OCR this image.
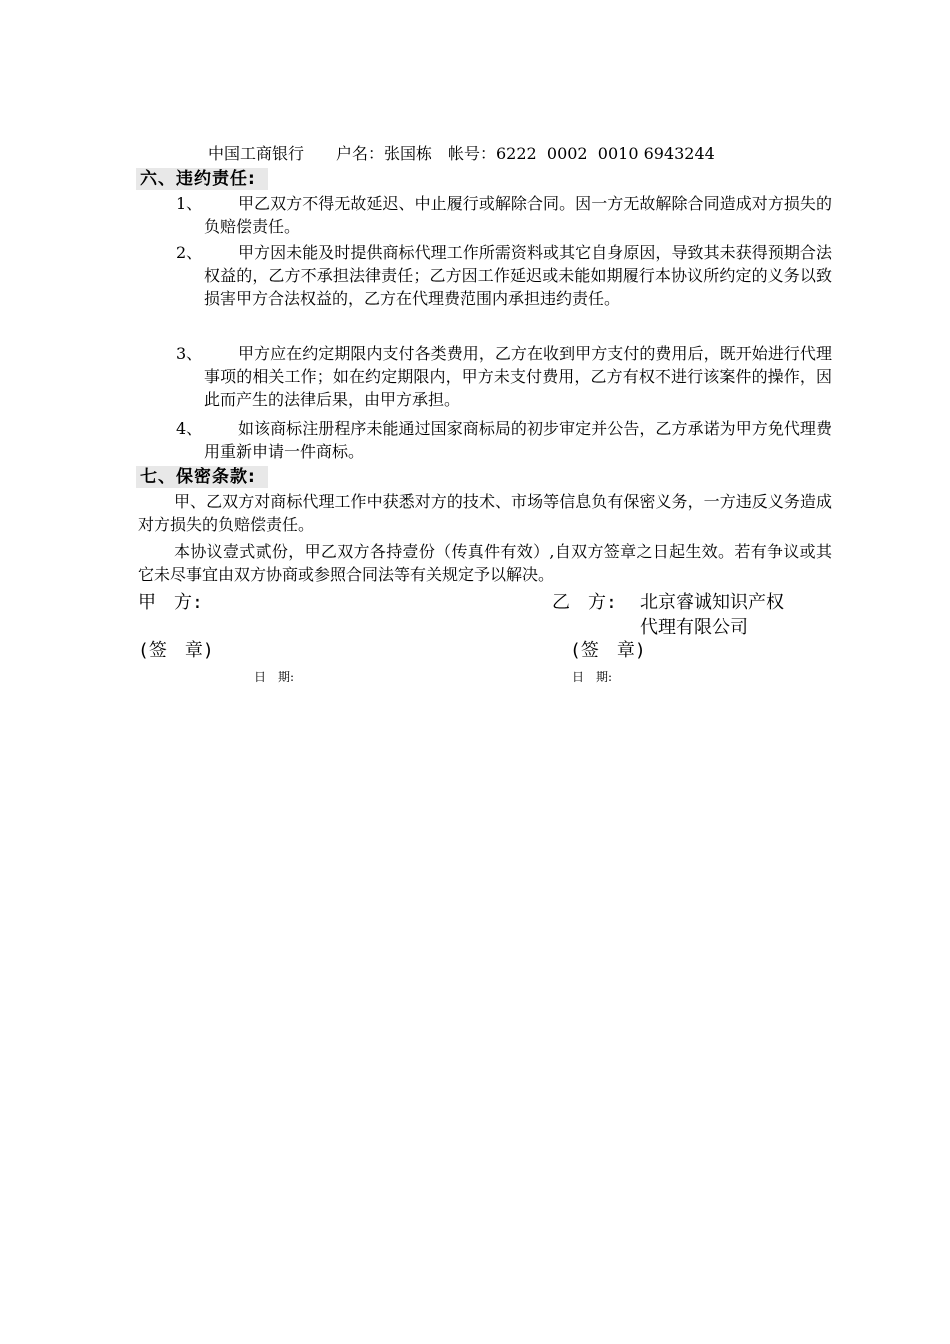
中国工商银行　　户名：张国栋　帐号：6222  0002  0010 6943244
六、违约责任:
1、	甲乙双方不得无故延迟、中止履行或解除合同。因一方无故解除合同造成对方损失的负赔偿责任。
2、	甲方因未能及时提供商标代理工作所需资料或其它自身原因，导致其未获得预期合法权益的，乙方不承担法律责任；乙方因工作延迟或未能如期履行本协议所约定的义务以致损害甲方合法权益的，乙方在代理费范围内承担违约责任。
3、	甲方应在约定期限内支付各类费用，乙方在收到甲方支付的费用后，既开始进行代理事项的相关工作；如在约定期限内，甲方未支付费用，乙方有权不进行该案件的操作，因此而产生的法律后果，由甲方承担。
4、	如该商标注册程序未能通过国家商标局的初步审定并公告，乙方承诺为甲方免代理费用重新申请一件商标。
七、保密条款:
甲、乙双方对商标代理工作中获悉对方的技术、市场等信息负有保密义务，一方违反义务造成对方损失的负赔偿责任。
本协议壹式贰份，甲乙双方各持壹份（传真件有效）,自双方签章之日起生效。若有争议或其它未尽事宜由双方协商或参照合同法等有关规定予以解决。
甲　方:	乙　方: 北京睿诚知识产权
代理有限公司
(签　章)	(签　章)
日　期:	日　期:
